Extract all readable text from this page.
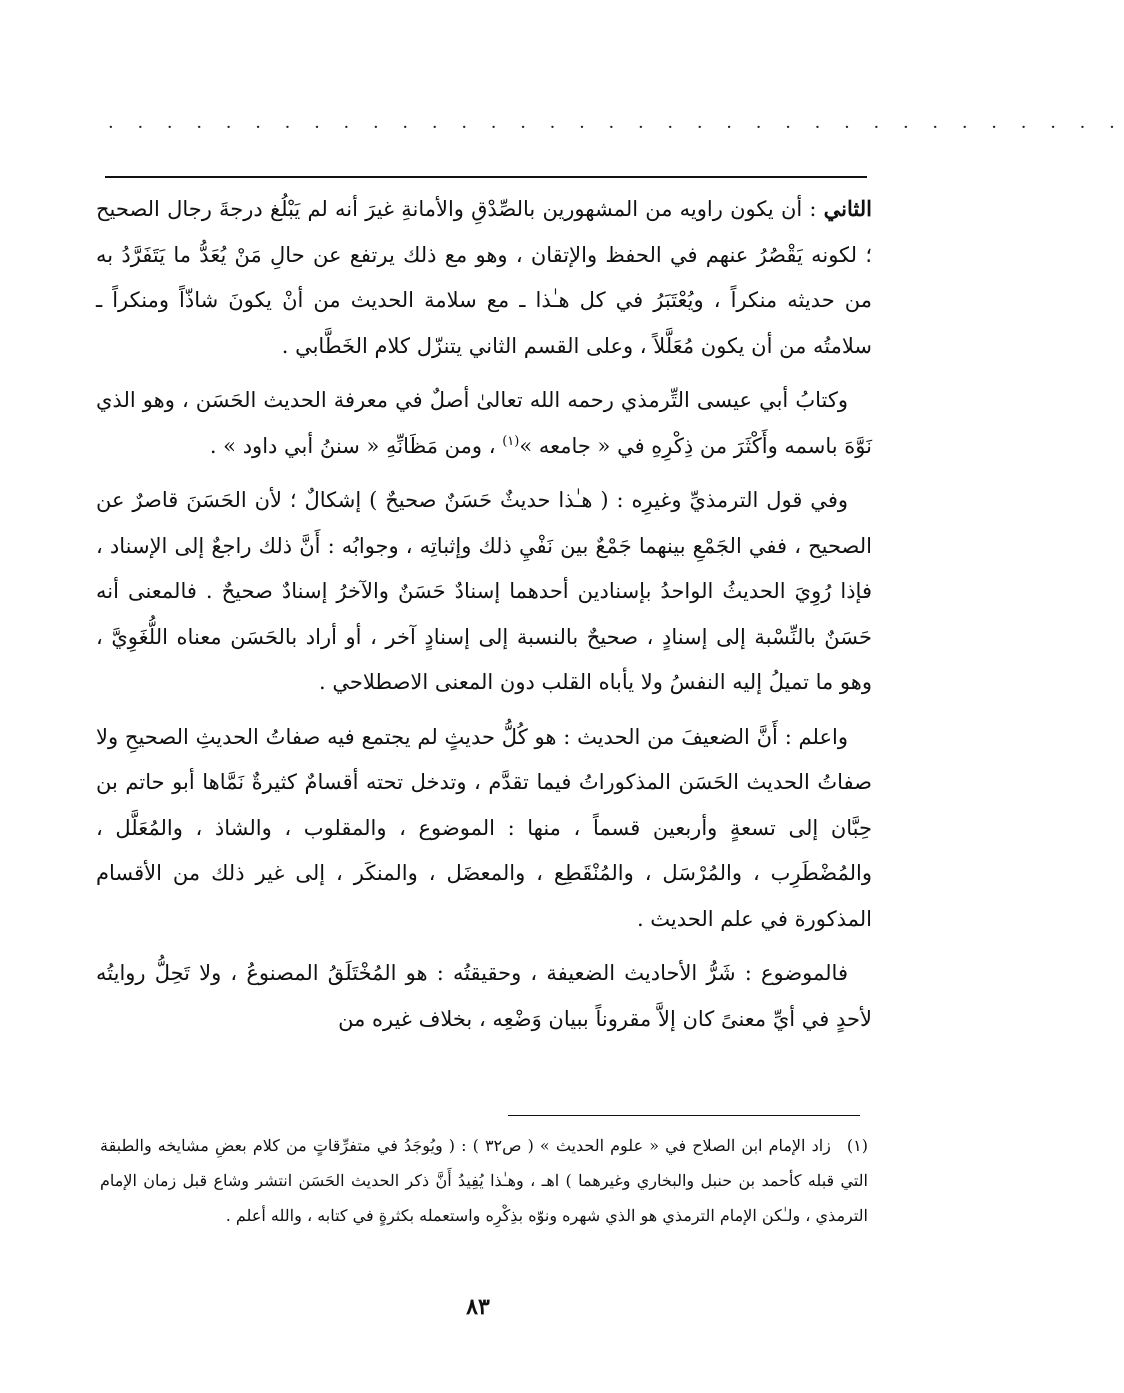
· · · · · · · · · · · · · · · · · · · · · · · · · · · · · · · · · · ·

الثاني : أن يكون راويه من المشهورين بالصِّدْقِ والأمانةِ غيرَ أنه لم يَبْلُغ درجةَ رجال الصحيح ؛ لكونه يَقْصُرُ عنهم في الحفظ والإتقان ، وهو مع ذلك يرتفع عن حالِ مَنْ يُعَدُّ ما يَتَفَرَّدُ به من حديثه منكراً ، ويُعْتَبَرُ في كل هـٰذا ـ مع سلامة الحديث من أنْ يكونَ شاذّاً ومنكراً ـ سلامتُه من أن يكون مُعَلَّلاً ، وعلى القسم الثاني يتنزّل كلام الخَطَّابي .

وكتابُ أبي عيسى التِّرمذي رحمه الله تعالىٰ أصلٌ في معرفة الحديث الحَسَن ، وهو الذي نَوَّهَ باسمه وأَكْثَرَ من ذِكْرِهِ في « جامعه »$^{(١)}$ ، ومن مَظَانِّهِ « سننُ أبي داود » .

وفي قول الترمذيِّ وغيرِه : ( هـٰذا حديثٌ حَسَنٌ صحيحٌ ) إشكالٌ ؛ لأن الحَسَنَ قاصرٌ عن الصحيح ، ففي الجَمْعِ بينهما جَمْعٌ بين نَفْيِ ذلك وإثباتِه ، وجوابُه : أَنَّ ذلك راجعٌ إلى الإسناد ، فإذا رُوِيَ الحديثُ الواحدُ بإسنادين أحدهما إسنادٌ حَسَنٌ والآخرُ إسنادٌ صحيحٌ . فالمعنى أنه حَسَنٌ بالنِّسْبة إلى إسنادٍ ، صحيحٌ بالنسبة إلى إسنادٍ آخر ، أو أراد بالحَسَن معناه اللُّغَوِيَّ ، وهو ما تميلُ إليه النفسُ ولا يأباه القلب دون المعنى الاصطلاحي .

واعلم : أَنَّ الضعيفَ من الحديث : هو كُلُّ حديثٍ لم يجتمع فيه صفاتُ الحديثِ الصحيحِ ولا صفاتُ الحديث الحَسَن المذكوراتُ فيما تقدَّم ، وتدخل تحته أقسامٌ كثيرةٌ نَمَّاها أبو حاتم بن حِبَّان إلى تسعةٍ وأربعين قسماً ، منها : الموضوع ، والمقلوب ، والشاذ ، والمُعَلَّل ، والمُضْطَرِب ، والمُرْسَل ، والمُنْقَطِع ، والمعضَل ، والمنكَر ، إلى غير ذلك من الأقسام المذكورة في علم الحديث .

فالموضوع : شَرُّ الأحاديث الضعيفة ، وحقيقتُه : هو المُخْتَلَقُ المصنوعُ ، ولا تَحِلُّ روايتُه لأحدٍ في أيِّ معنىً كان إلاَّ مقروناً ببيان وَضْعِه ، بخلاف غيره من

(١)زاد الإمام ابن الصلاح في « علوم الحديث » ( ص٣٢ ) : ( ويُوجَدُ في متفرِّقاتٍ من كلام بعضِ مشايخه والطبقة التي قبله كأحمد بن حنبل والبخاري وغيرهما ) اهـ ، وهـٰذا يُفِيدُ أَنَّ ذكر الحديث الحَسَن انتشر وشاع قبل زمان الإمام الترمذي ، ولـٰكن الإمام الترمذي هو الذي شهره ونوّه بذِكْرِه واستعمله بكثرةٍ في كتابه ، والله أعلم .

٨٣
